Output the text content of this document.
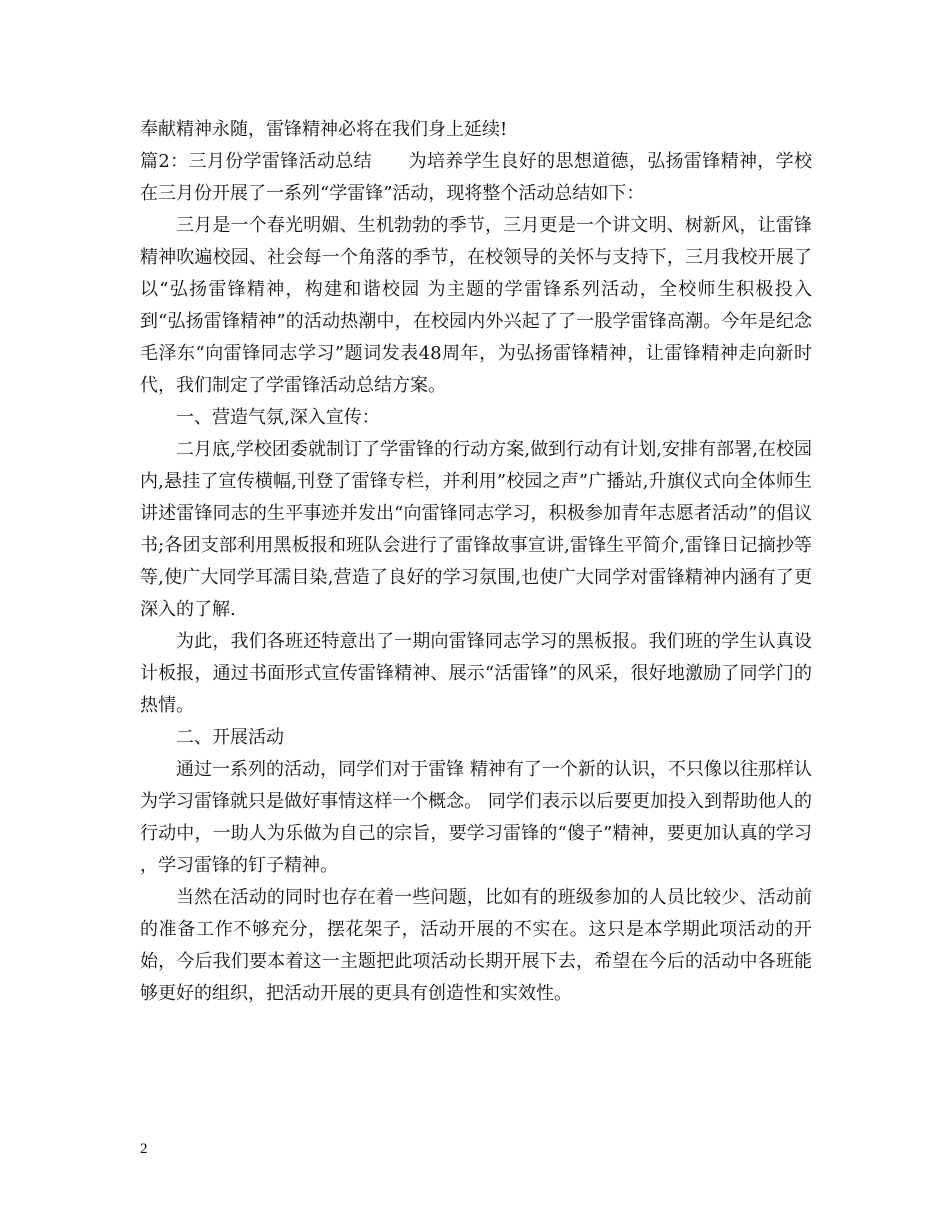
奉献精神永随，雷锋精神必将在我们身上延续!

篇2：三月份学雷锋活动总结　　为培养学生良好的思想道德，弘扬雷锋精神，学校在三月份开展了一系列“学雷锋”活动，现将整个活动总结如下：

三月是一个春光明媚、生机勃勃的季节，三月更是一个讲文明、树新风，让雷锋精神吹遍校园、社会每一个角落的季节，在校领导的关怀与支持下，三月我校开展了以“弘扬雷锋精神，构建和谐校园 为主题的学雷锋系列活动，全校师生积极投入到“弘扬雷锋精神”的活动热潮中，在校园内外兴起了了一股学雷锋高潮。今年是纪念毛泽东“向雷锋同志学习”题词发表48周年，为弘扬雷锋精神，让雷锋精神走向新时代，我们制定了学雷锋活动总结方案。

一、营造气氛,深入宣传：

二月底,学校团委就制订了学雷锋的行动方案,做到行动有计划,安排有部署,在校园内,悬挂了宣传横幅,刊登了雷锋专栏，并利用”校园之声”广播站,升旗仪式向全体师生讲述雷锋同志的生平事迹并发出“向雷锋同志学习，积极参加青年志愿者活动”的倡议书;各团支部利用黑板报和班队会进行了雷锋故事宣讲,雷锋生平简介,雷锋日记摘抄等等,使广大同学耳濡目染,营造了良好的学习氛围,也使广大同学对雷锋精神内涵有了更深入的了解.

为此，我们各班还特意出了一期向雷锋同志学习的黑板报。我们班的学生认真设计板报，通过书面形式宣传雷锋精神、展示“活雷锋”的风采，很好地激励了同学门的热情。

二、开展活动

通过一系列的活动，同学们对于雷锋 精神有了一个新的认识，不只像以往那样认为学习雷锋就只是做好事情这样一个概念。 同学们表示以后要更加投入到帮助他人的行动中，一助人为乐做为自己的宗旨，要学习雷锋的“傻子”精神，要更加认真的学习 ，学习雷锋的钉子精神。

当然在活动的同时也存在着一些问题，比如有的班级参加的人员比较少、活动前的准备工作不够充分，摆花架子，活动开展的不实在。这只是本学期此项活动的开始，今后我们要本着这一主题把此项活动长期开展下去，希望在今后的活动中各班能够更好的组织，把活动开展的更具有创造性和实效性。

2
